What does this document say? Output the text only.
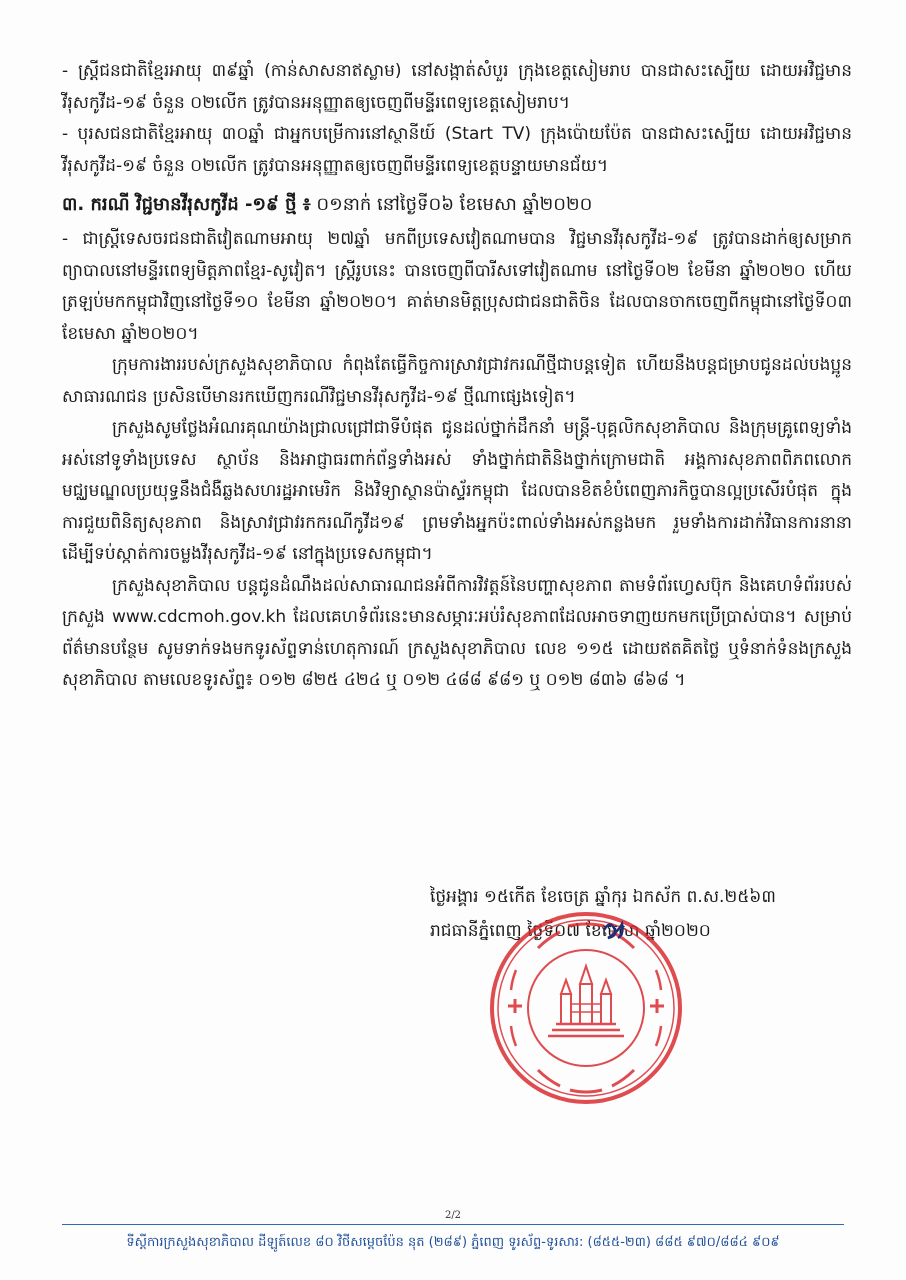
- ស្ត្រីជនជាតិខ្មែរអាយុ ៣៩ឆ្នាំ (កាន់សាសនាឥស្លាម) នៅសង្កាត់សំបួរ ក្រុងខេត្តសៀមរាប បានជាសះស្បើយ ដោយអវិជ្ជមានវីរុសកូវីដ-១៩ ចំនួន ០២លើក ត្រូវបានអនុញ្ញាតឲ្យចេញពីមន្ទីរពេទ្យខេត្តសៀមរាប។

- បុរសជនជាតិខ្មែរអាយុ ៣០ឆ្នាំ ជាអ្នកបម្រើការនៅស្ថានីយ៍ (Start TV) ក្រុងប៉ោយប៉ែត បានជាសះស្បើយ ដោយអវិជ្ជមានវីរុសកូវីដ-១៩ ចំនួន ០២លើក ត្រូវបានអនុញ្ញាតឲ្យចេញពីមន្ទីរពេទ្យខេត្តបន្ទាយមានជ័យ។

៣. ករណី វិជ្ជមានវីរុសកូវីដ -១៩ ថ្មី ៖ ០១នាក់ នៅថ្ងៃទី០៦ ខែមេសា ឆ្នាំ២០២០

- ជាស្ត្រីទេសចរជនជាតិវៀតណាមអាយុ ២៧ឆ្នាំ មកពីប្រទេសវៀតណាមបាន វិជ្ជមានវីរុសកូវីដ-១៩ ត្រូវបានដាក់ឲ្យសម្រាកព្យាបាលនៅមន្ទីរពេទ្យមិត្តភាពខ្មែរ-សូវៀត។ ស្ត្រីរូបនេះ បានចេញពីបារីសទៅវៀតណាម នៅថ្ងៃទី០២ ខែមីនា ឆ្នាំ២០២០ ហើយត្រឡប់មកកម្ពុជាវិញនៅថ្ងៃទី១០ ខែមីនា ឆ្នាំ២០២០។ គាត់មានមិត្តប្រុសជាជនជាតិចិន ដែលបានចាកចេញពីកម្ពុជានៅថ្ងៃទី០៣ ខែមេសា ឆ្នាំ២០២០។

ក្រុមការងាររបស់ក្រសួងសុខាភិបាល កំពុងតែធ្វើកិច្ចការស្រាវជ្រាវករណីថ្មីជាបន្តទៀត ហើយនឹងបន្តជម្រាបជូនដល់បងប្អូនសាធារណជន ប្រសិនបើមានរកឃើញករណីវិជ្ជមានវីរុសកូវីដ-១៩ ថ្មីណាផ្សេងទៀត។

ក្រសួងសូមថ្លែងអំណរគុណយ៉ាងជ្រាលជ្រៅជាទីបំផុត ជូនដល់ថ្នាក់ដឹកនាំ មន្ត្រី-បុគ្គលិកសុខាភិបាល និងក្រុមគ្រូពេទ្យទាំងអស់នៅទូទាំងប្រទេស ស្ថាប័ន និងអាជ្ញាធរពាក់ព័ន្ធទាំងអស់ ទាំងថ្នាក់ជាតិនិងថ្នាក់ក្រោមជាតិ អង្គការសុខភាពពិភពលោក មជ្ឈមណ្ឌលប្រយុទ្ធនឹងជំងឺឆ្លងសហរដ្ឋអាមេរិក និងវិទ្យាស្ថានប៉ាស្ទ័រកម្ពុជា ដែលបានខិតខំបំពេញភារកិច្ចបានល្អប្រសើរបំផុត ក្នុងការជួយពិនិត្យសុខភាព និងស្រាវជ្រាវរកករណីកូវីដ១៩ ព្រមទាំងអ្នកប៉ះពាល់ទាំងអស់កន្លងមក រួមទាំងការដាក់វិធានការនានា ដើម្បីទប់ស្កាត់ការចម្លងវីរុសកូវីដ-១៩ នៅក្នុងប្រទេសកម្ពុជា។

ក្រសួងសុខាភិបាល បន្តជូនដំណឹងដល់សាធារណជនអំពីការវិវត្តន៍នៃបញ្ហាសុខភាព តាមទំព័រហ្វេសប៊ុក និងគេហទំព័ររបស់ក្រសួង www.cdcmoh.gov.kh ដែលគេហទំព័រនេះមានសម្ភារៈអប់រំសុខភាពដែលអាចទាញយកមកប្រើប្រាស់បាន។ សម្រាប់ព័ត៌មានបន្ថែម សូមទាក់ទងមកទូរស័ព្ទទាន់ហេតុការណ៍ ក្រសួងសុខាភិបាល លេខ ១១៥ ដោយឥតគិតថ្លៃ ឬទំនាក់ទំនងក្រសួងសុខាភិបាល តាមលេខទូរស័ព្ទ៖ ០១២ ៨២៥ ៤២៤ ឬ ០១២ ៤៨៨ ៩៨១ ឬ ០១២ ៨៣៦ ៨៦៨ ។

ថ្ងៃអង្គារ ១៥កើត ខែចេត្រ ឆ្នាំកុរ ឯកស័ក ព.ស.២៥៦៣
រាជធានីភ្នំពេញ ថ្ងៃទី០៧ ខែមេសា ឆ្នាំ២០២០
2/2
ទីស្តីការក្រសួងសុខាភិបាល ដីឡូត៍លេខ ៨០ វិថីសម្តេចប៉ែន នុត (២៨៩) ភ្នំពេញ ទូរស័ព្ទ-ទូរសារ: (៨៥៥-២៣) ៨៨៥ ៩៧០/៨៨៤ ៩០៩
